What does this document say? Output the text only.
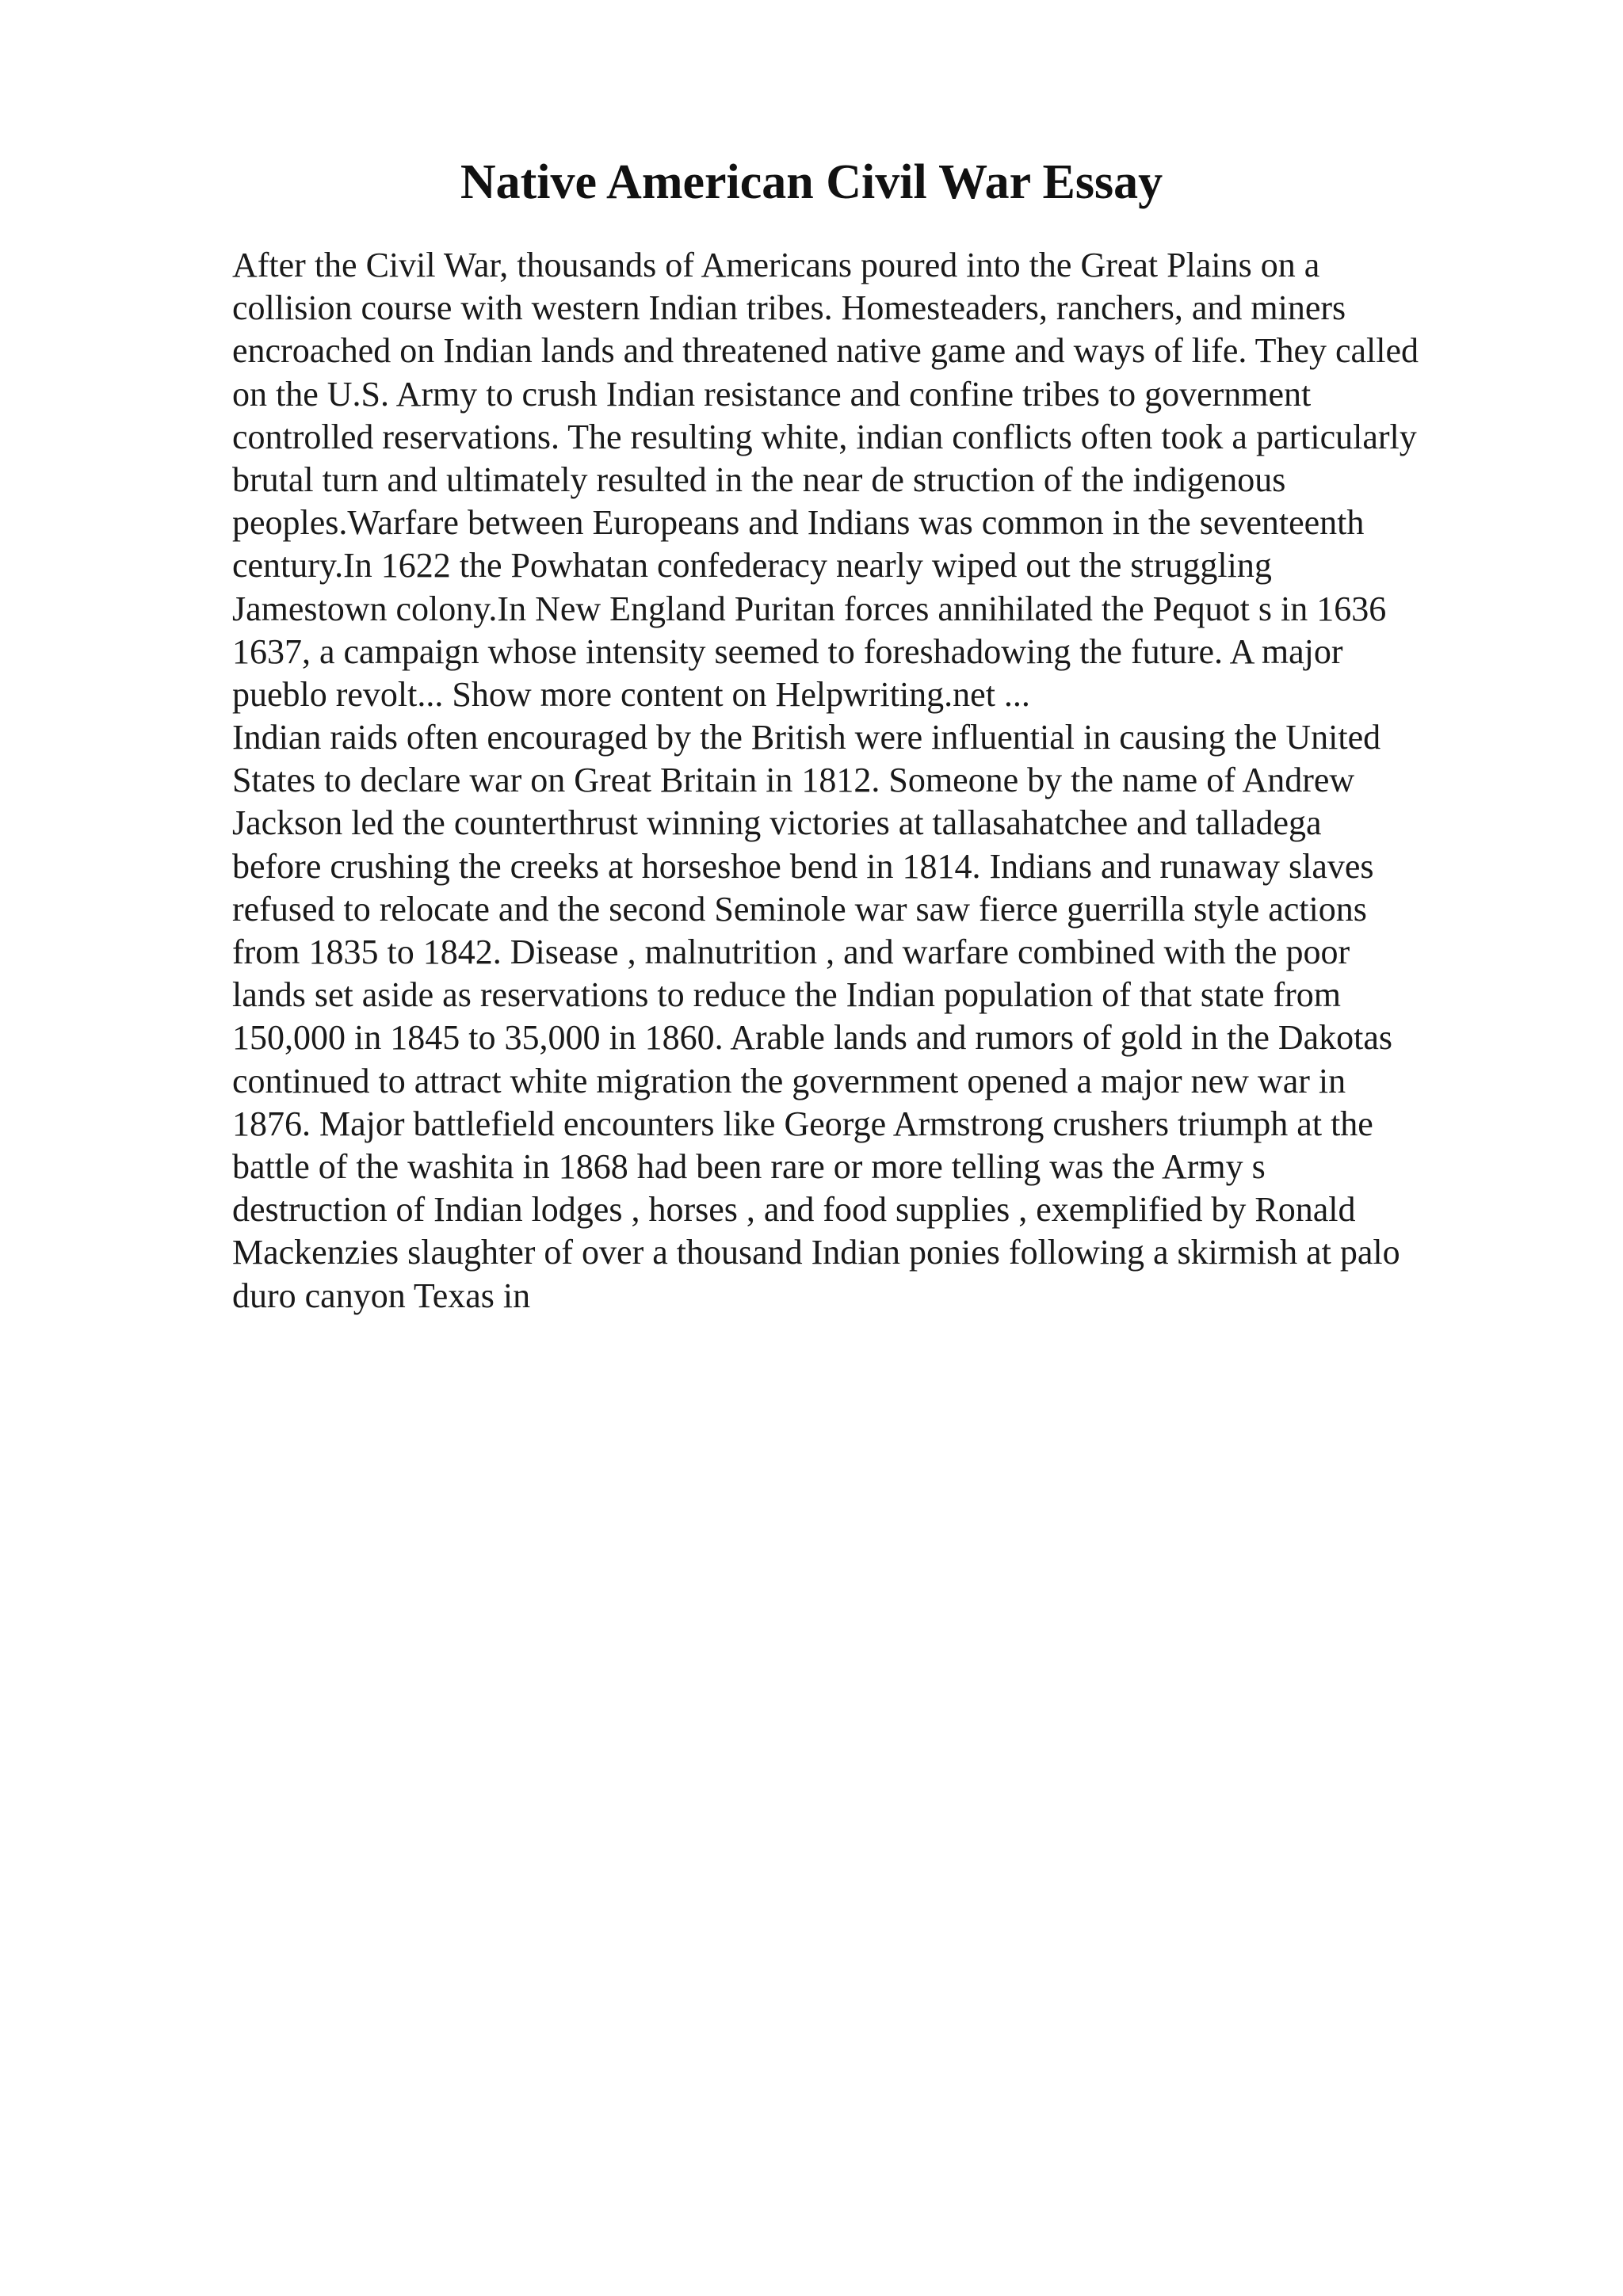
Native American Civil War Essay
After the Civil War, thousands of Americans poured into the Great Plains on a
collision course with western Indian tribes. Homesteaders, ranchers, and miners
encroached on Indian lands and threatened native game and ways of life. They called
on the U.S. Army to crush Indian resistance and confine tribes to government
controlled reservations. The resulting white, indian conflicts often took a particularly
brutal turn and ultimately resulted in the near de struction of the indigenous
peoples.Warfare between Europeans and Indians was common in the seventeenth
century.In 1622 the Powhatan confederacy nearly wiped out the struggling
Jamestown colony.In New England Puritan forces annihilated the Pequot s in 1636
1637, a campaign whose intensity seemed to foreshadowing the future. A major
pueblo revolt... Show more content on Helpwriting.net ...
Indian raids often encouraged by the British were influential in causing the United
States to declare war on Great Britain in 1812. Someone by the name of Andrew
Jackson led the counterthrust winning victories at tallasahatchee and talladega
before crushing the creeks at horseshoe bend in 1814. Indians and runaway slaves
refused to relocate and the second Seminole war saw fierce guerrilla style actions
from 1835 to 1842. Disease , malnutrition , and warfare combined with the poor
lands set aside as reservations to reduce the Indian population of that state from
150,000 in 1845 to 35,000 in 1860. Arable lands and rumors of gold in the Dakotas
continued to attract white migration the government opened a major new war in
1876. Major battlefield encounters like George Armstrong crushers triumph at the
battle of the washita in 1868 had been rare or more telling was the Army s
destruction of Indian lodges , horses , and food supplies , exemplified by Ronald
Mackenzies slaughter of over a thousand Indian ponies following a skirmish at palo
duro canyon Texas in
